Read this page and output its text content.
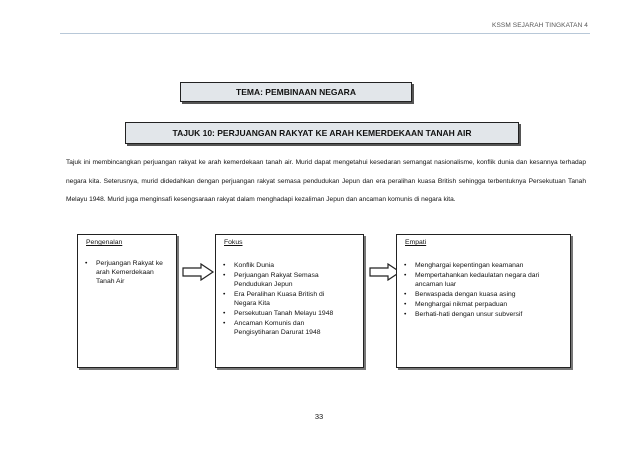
KSSM SEJARAH TINGKATAN 4
TEMA: PEMBINAAN NEGARA
TAJUK 10: PERJUANGAN RAKYAT KE ARAH KEMERDEKAAN TANAH AIR
Tajuk ini membincangkan perjuangan rakyat ke arah kemerdekaan tanah air. Murid dapat mengetahui kesedaran semangat nasionalisme, konflik dunia dan kesannya terhadap negara kita. Seterusnya, murid didedahkan dengan perjuangan rakyat semasa pendudukan Jepun dan era peralihan kuasa British sehingga terbentuknya Persekutuan Tanah Melayu 1948. Murid juga menginsafi kesengsaraan rakyat dalam menghadapi kezaliman Jepun dan ancaman komunis di negara kita.
Pengenalan
• Perjuangan Rakyat ke arah Kemerdekaan Tanah Air
Fokus
• Konflik Dunia
• Perjuangan Rakyat Semasa Pendudukan Jepun
• Era Peralihan Kuasa British di Negara Kita
• Persekutuan Tanah Melayu 1948
• Ancaman Komunis dan Pengisytiharan Darurat 1948
Empati
• Menghargai kepentingan keamanan
• Mempertahankan kedaulatan negara dari ancaman luar
• Berwaspada dengan kuasa asing
• Menghargai nikmat perpaduan
• Berhati-hati dengan unsur subversif
33
